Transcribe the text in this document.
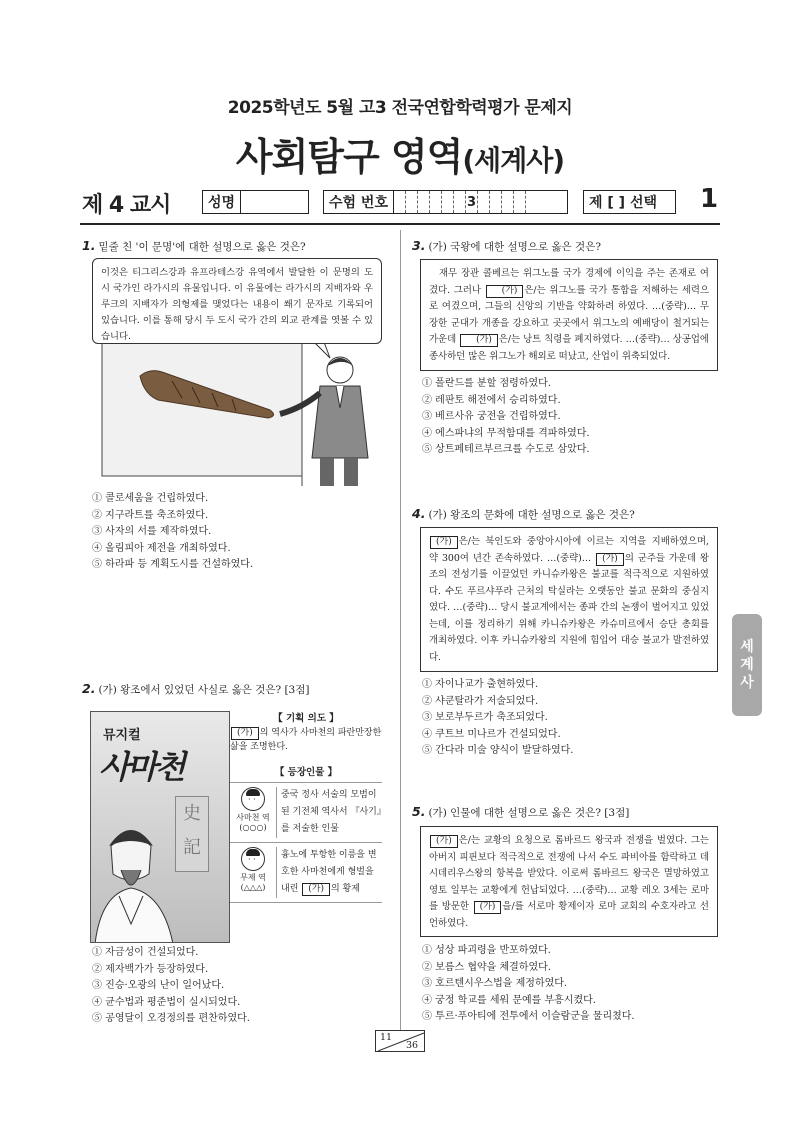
2025학년도 5월 고3 전국연합학력평가 문제지
사회탐구 영역(세계사)
제 4 교시	성명	수험 번호	3	제 [ ] 선택 1
1. 밑줄 친 '이 문명'에 대한 설명으로 옳은 것은?
이것은 티그리스강과 유프라테스강 유역에서 발달한 이 문명의 도시 국가인 라가시의 유물입니다. 이 유물에는 라가시의 지배자와 우루크의 지배자가 의형제를 맺었다는 내용이 쐐기 문자로 기록되어 있습니다. 이를 통해 당시 두 도시 국가 간의 외교 관계를 엿볼 수 있습니다.
① 콜로세움을 건립하였다.
② 지구라트를 축조하였다.
③ 사자의 서를 제작하였다.
④ 올림피아 제전을 개최하였다.
⑤ 하라파 등 계획도시를 건설하였다.
2. (가) 왕조에서 있었던 사실로 옳은 것은? [3점]
뮤지컬
사마천
史
記
【 기획 의도 】
(가) 의 역사가 사마천의 파란만장한 삶을 조명한다.
【 등장인물 】
· ·
사마천 역
(○○○)
중국 정사 서술의 모범이 된 기전체 역사서 『사기』를 저술한 인물
· ·
무제 역
(△△△)
흉노에 투항한 이릉을 변호한 사마천에게 형벌을 내린 (가) 의 황제
① 자금성이 건설되었다.
② 제자백가가 등장하였다.
③ 진승·오광의 난이 일어났다.
④ 균수법과 평준법이 실시되었다.
⑤ 공영달이 오경정의를 편찬하였다.
3. (가) 국왕에 대한 설명으로 옳은 것은?
재무 장관 콜베르는 위그노를 국가 경제에 이익을 주는 존재로 여겼다. 그러나 (가) 은/는 위그노를 국가 통합을 저해하는 세력으로 여겼으며, 그들의 신앙의 기반을 약화하려 하였다. …(중략)… 무장한 군대가 개종을 강요하고 곳곳에서 위그노의 예배당이 철거되는 가운데 (가) 은/는 낭트 칙령을 폐지하였다. …(중략)… 상공업에 종사하던 많은 위그노가 해외로 떠났고, 산업이 위축되었다.
① 폴란드를 분할 점령하였다.
② 레판토 해전에서 승리하였다.
③ 베르사유 궁전을 건립하였다.
④ 에스파냐의 무적함대를 격파하였다.
⑤ 상트페테르부르크를 수도로 삼았다.
4. (가) 왕조의 문화에 대한 설명으로 옳은 것은?
(가) 은/는 북인도와 중앙아시아에 이르는 지역을 지배하였으며, 약 300여 년간 존속하였다. …(중략)… (가) 의 군주들 가운데 왕조의 전성기를 이끌었던 카니슈카왕은 불교를 적극적으로 지원하였다. 수도 푸르샤푸라 근처의 탁실라는 오랫동안 불교 문화의 중심지였다. …(중략)… 당시 불교계에서는 종파 간의 논쟁이 벌어지고 있었는데, 이를 정리하기 위해 카니슈카왕은 카슈미르에서 승단 총회를 개최하였다. 이후 카니슈카왕의 지원에 힘입어 대승 불교가 발전하였다.
① 자이나교가 출현하였다.
② 샤쿤탈라가 저술되었다.
③ 보로부두르가 축조되었다.
④ 쿠트브 미나르가 건설되었다.
⑤ 간다라 미술 양식이 발달하였다.
5. (가) 인물에 대한 설명으로 옳은 것은? [3점]
(가) 은/는 교황의 요청으로 롬바르드 왕국과 전쟁을 벌였다. 그는 아버지 피핀보다 적극적으로 전쟁에 나서 수도 파비아를 함락하고 데시데리우스왕의 항복을 받았다. 이로써 롬바르드 왕국은 멸망하였고 영토 일부는 교황에게 헌납되었다. …(중략)… 교황 레오 3세는 로마를 방문한 (가) 을/를 서로마 황제이자 로마 교회의 수호자라고 선언하였다.
① 성상 파괴령을 반포하였다.
② 보름스 협약을 체결하였다.
③ 호르텐시우스법을 제정하였다.
④ 궁정 학교를 세워 문예를 부흥시켰다.
⑤ 투르·푸아티에 전투에서 이슬람군을 물리쳤다.
세
계
사
11
36
